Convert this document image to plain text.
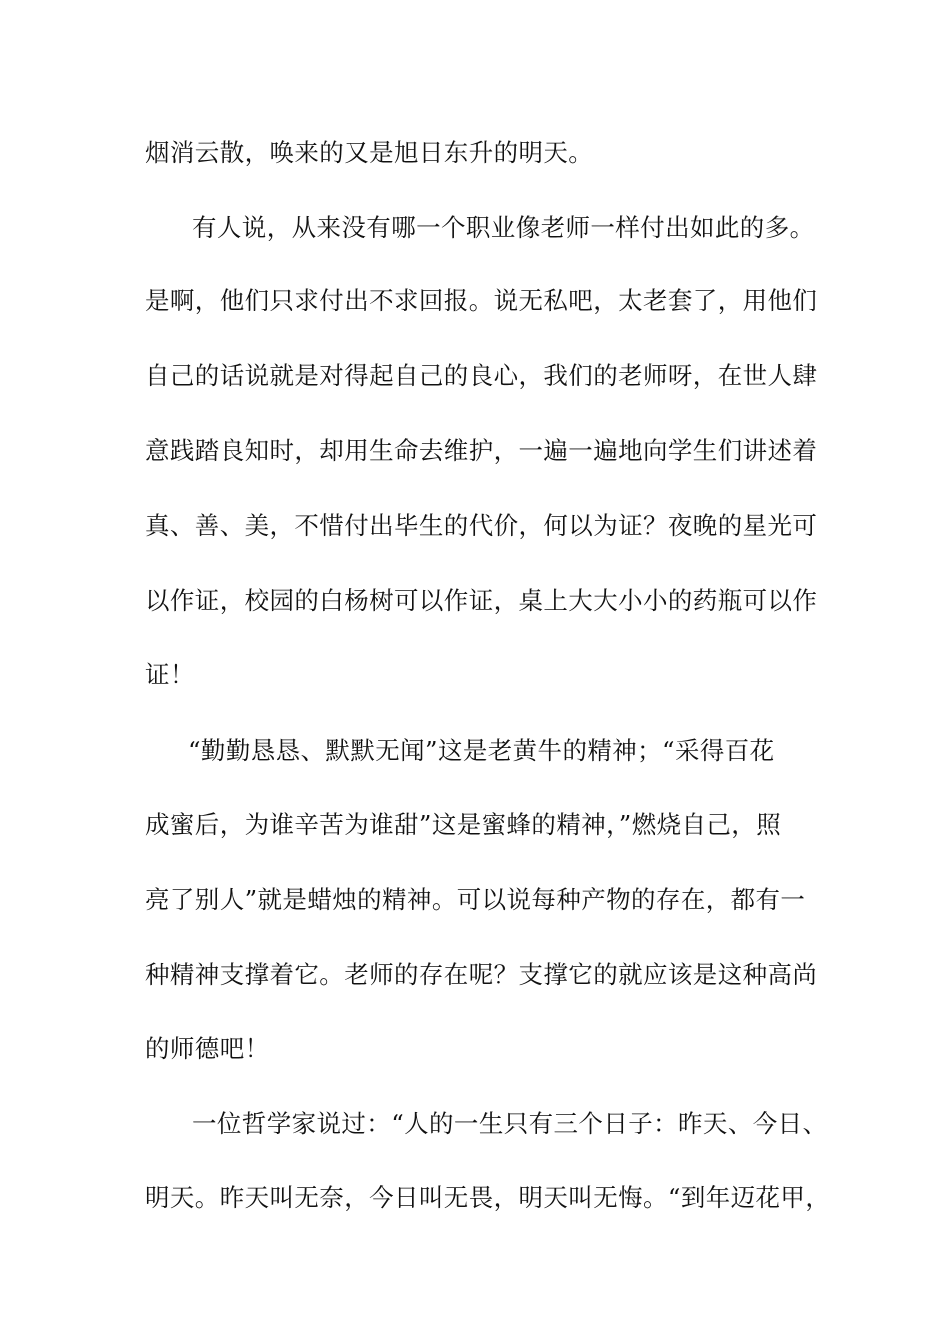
烟消云散，唤来的又是旭日东升的明天。
有人说，从来没有哪一个职业像老师一样付出如此的多。
是啊，他们只求付出不求回报。说无私吧，太老套了，用他们
自己的话说就是对得起自己的良心，我们的老师呀，在世人肆
意践踏良知时，却用生命去维护，一遍一遍地向学生们讲述着
真、善、美，不惜付出毕生的代价，何以为证？夜晚的星光可
以作证，校园的白杨树可以作证，桌上大大小小的药瓶可以作
证！
“勤勤恳恳、默默无闻”这是老黄牛的精神；“采得百花
成蜜后，为谁辛苦为谁甜”这是蜜蜂的精神，”燃烧自己，照
亮了别人”就是蜡烛的精神。可以说每种产物的存在，都有一
种精神支撑着它。老师的存在呢？支撑它的就应该是这种高尚
的师德吧！
一位哲学家说过：“人的一生只有三个日子：昨天、今日、
明天。昨天叫无奈，今日叫无畏，明天叫无悔。“到年迈花甲，
